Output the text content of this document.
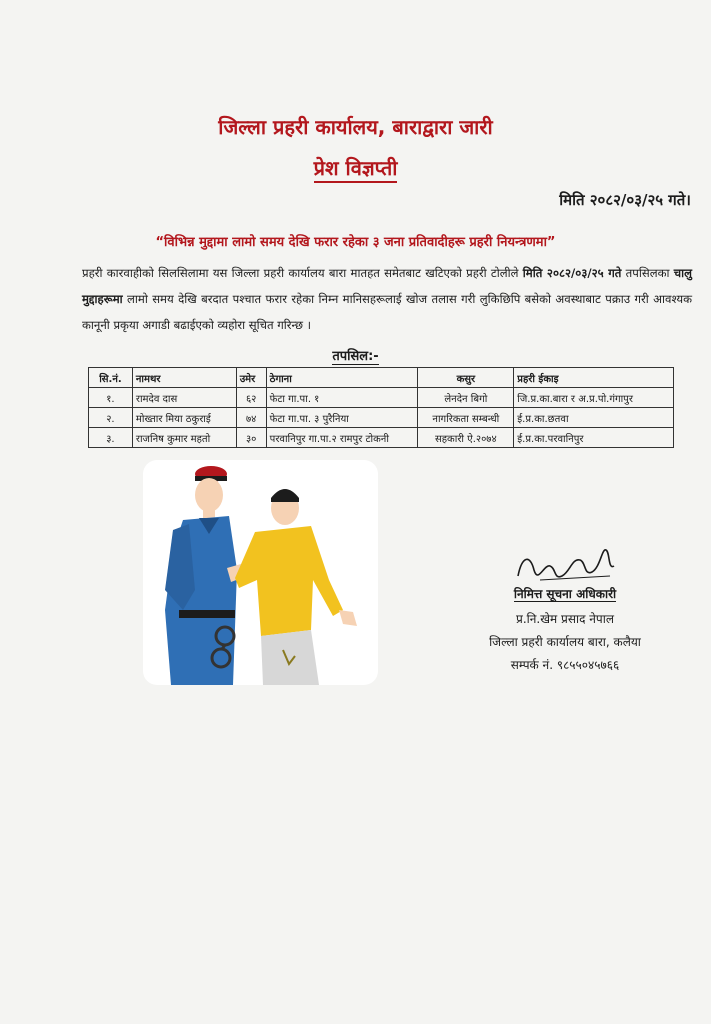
जिल्ला प्रहरी कार्यालय, बाराद्वारा जारी
प्रेश विज्ञप्ती
मिति २०८२/०३/२५ गते।
“विभिन्न मुद्दामा लामो समय देखि फरार रहेका ३ जना प्रतिवादीहरू प्रहरी नियन्त्रणमा”
प्रहरी कारवाहीको सिलसिलामा यस जिल्ला प्रहरी कार्यालय बारा मातहत समेतबाट खटिएको प्रहरी टोलीले मिति २०८२/०३/२५ गते तपसिलका चालु मुद्दाहरूमा लामो समय देखि बरदात पश्चात फरार रहेका निम्न मानिसहरूलाई खोज तलास गरी लुकिछिपि बसेको अवस्थाबाट पक्राउ गरी आवश्यक कानूनी प्रकृया अगाडी बढाईएको व्यहोरा सूचित गरिन्छ ।
तपसिल:-
सि.नं.	नामथर	उमेर	ठेगाना	कसुर	प्रहरी ईकाइ
१.	रामदेव दास	६२	फेटा गा.पा. १	लेनदेन बिगो	जि.प्र.का.बारा र अ.प्र.पो.गंगापुर
२.	मोख्तार मिया ठकुराई	७४	फेटा गा.पा. ३ पुरैनिया	नागरिकता सम्बन्धी	ई.प्र.का.छतवा
३.	राजनिष कुमार महतो	३०	परवानिपुर गा.पा.२ रामपुर टोकनी	सहकारी ऐ.२०७४	ई.प्र.का.परवानिपुर
निमित्त सूचना अधिकारी
प्र.नि.खेम प्रसाद नेपाल
जिल्ला प्रहरी कार्यालय बारा, कलैया
सम्पर्क नं. ९८५५०४५७६६
